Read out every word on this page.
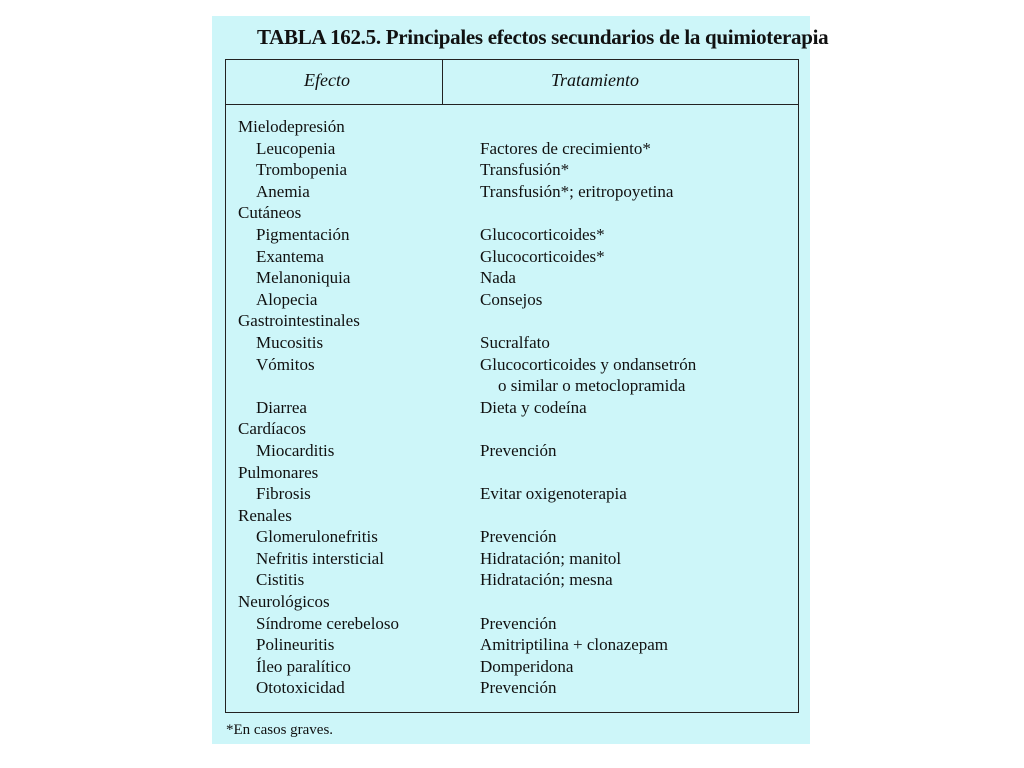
TABLA 162.5. Principales efectos secundarios de la quimioterapia
Efecto	Tratamiento
Mielodepresión
Leucopenia	Factores de crecimiento*
Trombopenia	Transfusión*
Anemia	Transfusión*; eritropoyetina
Cutáneos
Pigmentación	Glucocorticoides*
Exantema	Glucocorticoides*
Melanoniquia	Nada
Alopecia	Consejos
Gastrointestinales
Mucositis	Sucralfato
Vómitos	Glucocorticoides y ondansetrón
o similar o metoclopramida
Diarrea	Dieta y codeína
Cardíacos
Miocarditis	Prevención
Pulmonares
Fibrosis	Evitar oxigenoterapia
Renales
Glomerulonefritis	Prevención
Nefritis intersticial	Hidratación; manitol
Cistitis	Hidratación; mesna
Neurológicos
Síndrome cerebeloso	Prevención
Polineuritis	Amitriptilina + clonazepam
Íleo paralítico	Domperidona
Ototoxicidad	Prevención
*En casos graves.
